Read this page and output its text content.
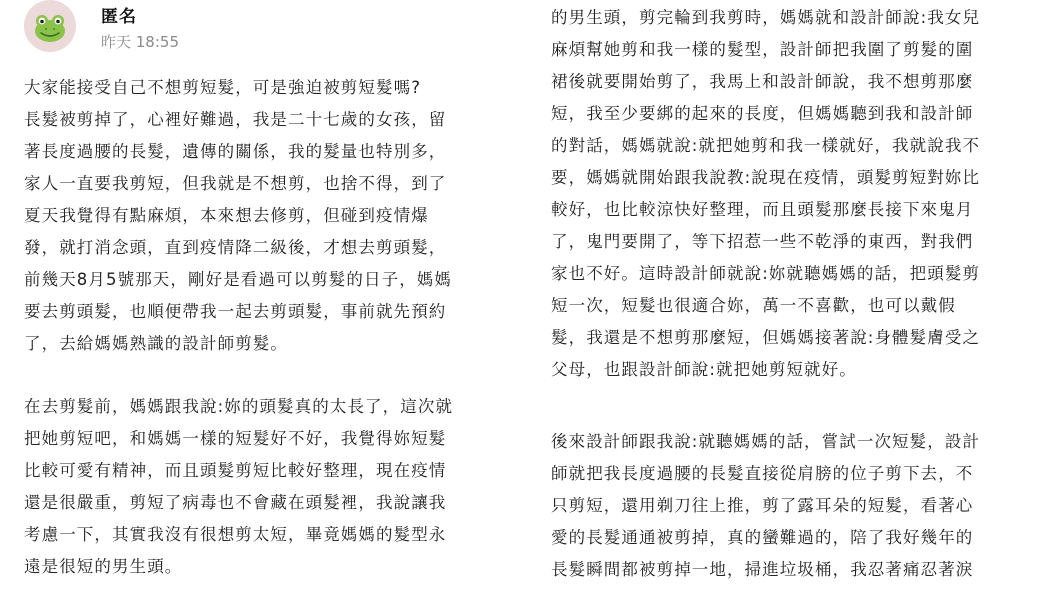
匿名
昨天 18:55

大家能接受自己不想剪短髮，可是強迫被剪短髮嗎?
長髮被剪掉了，心裡好難過，我是二十七歲的女孩，留
著長度過腰的長髮，遺傳的關係，我的髮量也特別多，
家人一直要我剪短，但我就是不想剪，也捨不得，到了
夏天我覺得有點麻煩，本來想去修剪，但碰到疫情爆
發，就打消念頭，直到疫情降二級後，才想去剪頭髮，
前幾天8月5號那天，剛好是看過可以剪髮的日子，媽媽
要去剪頭髮，也順便帶我一起去剪頭髮，事前就先預約
了，去給媽媽熟識的設計師剪髮。

在去剪髮前，媽媽跟我說:妳的頭髮真的太長了，這次就
把她剪短吧，和媽媽一樣的短髮好不好，我覺得妳短髮
比較可愛有精神，而且頭髮剪短比較好整理，現在疫情
還是很嚴重，剪短了病毒也不會藏在頭髮裡，我說讓我
考慮一下，其實我沒有很想剪太短，畢竟媽媽的髮型永
遠是很短的男生頭。

的男生頭，剪完輪到我剪時，媽媽就和設計師說:我女兒
麻煩幫她剪和我一樣的髮型，設計師把我圍了剪髮的圍
裙後就要開始剪了，我馬上和設計師說，我不想剪那麼
短，我至少要綁的起來的長度，但媽媽聽到我和設計師
的對話，媽媽就說:就把她剪和我一樣就好，我就說我不
要，媽媽就開始跟我說教:說現在疫情，頭髮剪短對妳比
較好，也比較涼快好整理，而且頭髮那麼長接下來鬼月
了，鬼門要開了，等下招惹一些不乾淨的東西，對我們
家也不好。這時設計師就說:妳就聽媽媽的話，把頭髮剪
短一次，短髮也很適合妳，萬一不喜歡，也可以戴假
髮，我還是不想剪那麼短，但媽媽接著說:身體髮膚受之
父母，也跟設計師說:就把她剪短就好。

後來設計師跟我說:就聽媽媽的話，嘗試一次短髮，設計
師就把我長度過腰的長髮直接從肩膀的位子剪下去，不
只剪短，還用剃刀往上推，剪了露耳朵的短髮，看著心
愛的長髮通通被剪掉，真的蠻難過的，陪了我好幾年的
長髮瞬間都被剪掉一地，掃進垃圾桶，我忍著痛忍著淚
